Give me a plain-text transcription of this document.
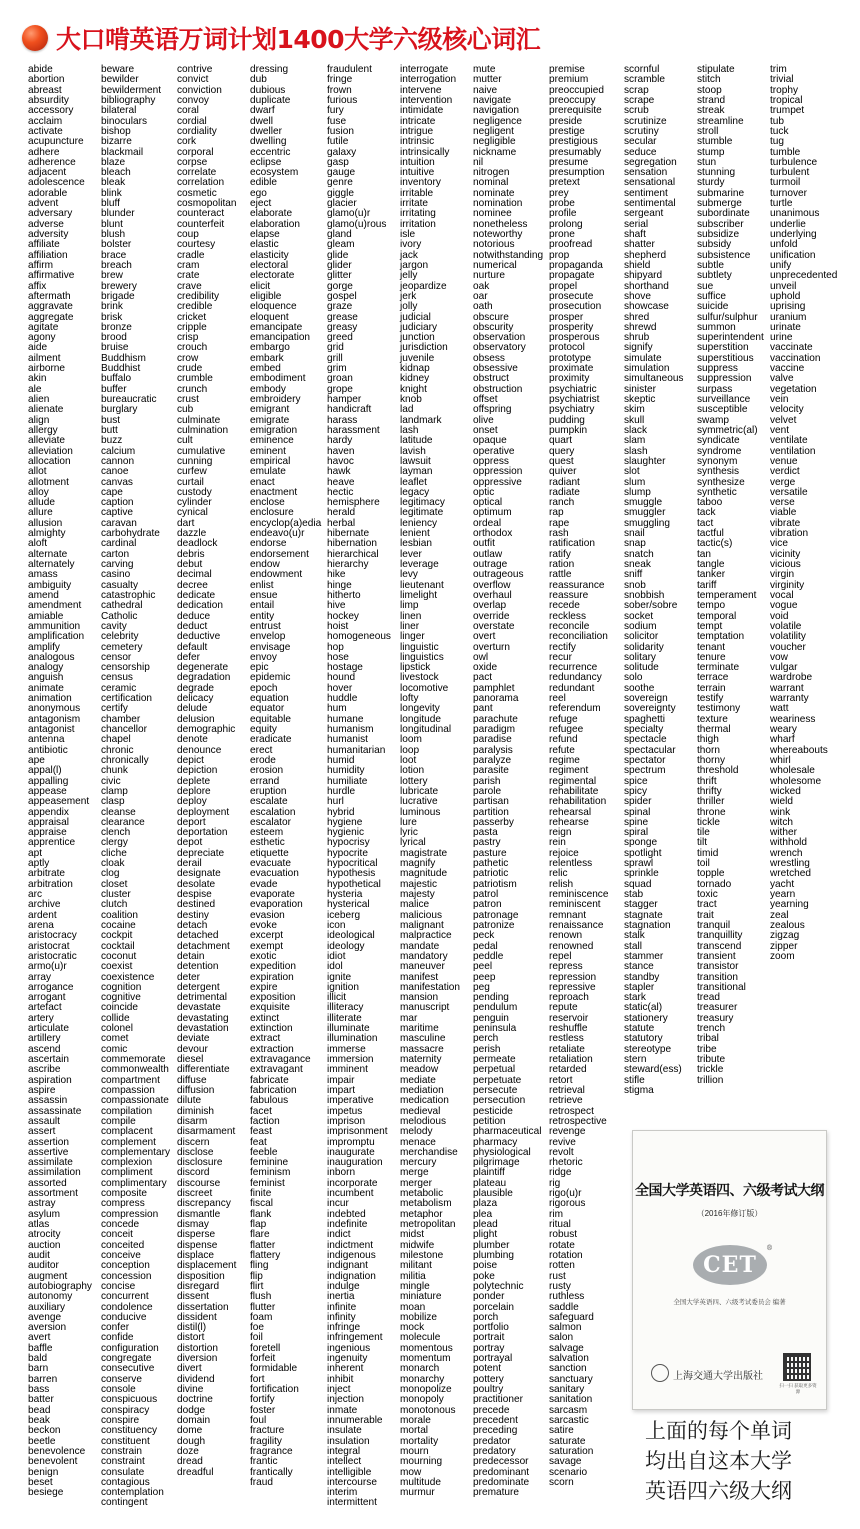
大口啃英语万词计划1400大学六级核心词汇
abide
abortion
abreast
absurdity
accessory
acclaim
activate
acupuncture
adhere
adherence
adjacent
adolescence
adorable
advent
adversary
adverse
adversity
affiliate
affiliation
affirm
affirmative
affix
aftermath
aggravate
aggregate
agitate
agony
aide
ailment
airborne
akin
ale
alien
alienate
align
allergy
alleviate
alleviation
allocation
allot
allotment
alloy
allude
allure
allusion
almighty
aloft
alternate
alternately
amass
ambiguity
amend
amendment
amiable
ammunition
amplification
amplify
analogous
analogy
anguish
animate
animation
anonymous
antagonism
antagonist
antenna
antibiotic
ape
appal(l)
appalling
appease
appeasement
appendix
appraisal
appraise
apprentice
apt
aptly
arbitrate
arbitration
arc
archive
ardent
arena
aristocracy
aristocrat
aristocratic
armo(u)r
array
arrogance
arrogant
artefact
artery
articulate
artillery
ascend
ascertain
ascribe
aspiration
aspire
assassin
assassinate
assault
assert
assertion
assertive
assimilate
assimilation
assorted
assortment
astray
asylum
atlas
atrocity
auction
audit
auditor
augment
autobiography
autonomy
auxiliary
avenge
aversion
avert
baffle
bald
barn
barren
bass
batter
bead
beak
beckon
beetle
benevolence
benevolent
benign
beset
besiege
beware
bewilder
bewilderment
bibliography
bilateral
binoculars
bishop
bizarre
blackmail
blaze
bleach
bleak
blink
bluff
blunder
blunt
blush
bolster
brace
breach
brew
brewery
brigade
brink
brisk
bronze
brood
bruise
Buddhism
Buddhist
buffalo
buffer
bureaucratic
burglary
bust
butt
buzz
calcium
cannon
canoe
canvas
cape
caption
captive
caravan
carbohydrate
cardinal
carton
carving
casino
casualty
catastrophic
cathedral
Catholic
cavity
celebrity
cemetery
censor
censorship
census
ceramic
certification
certify
chamber
chancellor
chapel
chronic
chronically
chunk
civic
clamp
clasp
cleanse
clearance
clench
clergy
cliche
cloak
clog
closet
cluster
clutch
coalition
cocaine
cockpit
cocktail
coconut
coexist
coexistence
cognition
cognitive
coincide
collide
colonel
comet
comic
commemorate
commonwealth
compartment
compassion
compassionate
compilation
compile
complacent
complement
complementary
complexion
compliment
complimentary
composite
compress
compression
concede
conceit
conceited
conceive
conception
concession
concise
concurrent
condolence
conducive
confer
confide
configuration
congregate
consecutive
conserve
console
conspicuous
conspiracy
conspire
constituency
constituent
constrain
constraint
consulate
contagious
contemplation
contingent
contrive
convict
conviction
convoy
coral
cordial
cordiality
cork
corporal
corpse
correlate
correlation
cosmetic
cosmopolitan
counteract
counterfeit
coup
courtesy
cradle
cram
crate
crave
credibility
credible
cricket
cripple
crisp
crouch
crow
crude
crumble
crunch
crust
cub
culminate
culmination
cult
cumulative
cunning
curfew
curtail
custody
cylinder
cynical
dart
dazzle
deadlock
debris
debut
decimal
decree
dedicate
dedication
deduce
deduct
deductive
default
defer
degenerate
degradation
degrade
delicacy
delude
delusion
demographic
denote
denounce
depict
depiction
deplete
deplore
deploy
deployment
deport
deportation
depot
depreciate
derail
designate
desolate
despise
destined
destiny
detach
detached
detachment
detain
detention
deter
detergent
detrimental
devastate
devastating
devastation
deviate
devour
diesel
differentiate
diffuse
diffusion
dilute
diminish
disarm
disarmament
discern
disclose
disclosure
discord
discourse
discreet
discrepancy
dismantle
dismay
disperse
dispense
displace
displacement
disposition
disregard
dissent
dissertation
dissident
distil(l)
distort
distortion
diversion
divert
dividend
divine
doctrine
dodge
domain
dome
dough
doze
dread
dreadful
dressing
dub
dubious
duplicate
dwarf
dwell
dweller
dwelling
eccentric
eclipse
ecosystem
edible
ego
eject
elaborate
elaboration
elapse
elastic
elasticity
electoral
electorate
elicit
eligible
eloquence
eloquent
emancipate
emancipation
embargo
embark
embed
embodiment
embody
embroidery
emigrant
emigrate
emigration
eminence
eminent
empirical
emulate
enact
enactment
enclose
enclosure
encyclop(a)edia
endeavo(u)r
endorse
endorsement
endow
endowment
enlist
ensue
entail
entity
entrust
envelop
envisage
envoy
epic
epidemic
epoch
equation
equator
equitable
equity
eradicate
erect
erode
erosion
errand
eruption
escalate
escalation
escalator
esteem
esthetic
etiquette
evacuate
evacuation
evade
evaporate
evaporation
evasion
evoke
excerpt
exempt
exotic
expedition
expiration
expire
exposition
exquisite
extinct
extinction
extract
extraction
extravagance
extravagant
fabricate
fabrication
fabulous
facet
faction
feast
feat
feeble
feminine
feminism
feminist
finite
fiscal
flank
flap
flare
flatter
flattery
fling
flip
flirt
flush
flutter
foam
foe
foil
foretell
forfeit
formidable
fort
fortification
fortify
foster
foul
fracture
fragility
fragrance
frantic
frantically
fraud
fraudulent
fringe
frown
furious
fury
fuse
fusion
futile
galaxy
gasp
gauge
genre
giggle
glacier
glamo(u)r
glamo(u)rous
gland
gleam
glide
glider
glitter
gorge
gospel
graze
grease
greasy
greed
grid
grill
grim
groan
grope
hamper
handicraft
harass
harassment
hardy
haven
havoc
hawk
heave
hectic
hemisphere
herald
herbal
hibernate
hibernation
hierarchical
hierarchy
hike
hinge
hitherto
hive
hockey
hoist
homogeneous
hop
hose
hostage
hound
hover
huddle
hum
humane
humanism
humanist
humanitarian
humid
humidity
humiliate
hurdle
hurl
hybrid
hygiene
hygienic
hypocrisy
hypocrite
hypocritical
hypothesis
hypothetical
hysteria
hysterical
iceberg
icon
ideological
ideology
idiot
idol
ignite
ignition
illicit
illiteracy
illiterate
illuminate
illumination
immerse
immersion
imminent
impair
impart
imperative
impetus
imprison
imprisonment
impromptu
inaugurate
inauguration
inborn
incorporate
incumbent
incur
indebted
indefinite
indict
indictment
indigenous
indignant
indignation
indulge
inertia
infinite
infinity
infringe
infringement
ingenious
ingenuity
inherent
inhibit
inject
injection
inmate
innumerable
insulate
insulation
integral
intellect
intelligible
intercourse
interim
intermittent
interrogate
interrogation
intervene
intervention
intimidate
intricate
intrigue
intrinsic
intrinsically
intuition
intuitive
inventory
irritable
irritate
irritating
irritation
isle
ivory
jack
jargon
jelly
jeopardize
jerk
jolly
judicial
judiciary
junction
jurisdiction
juvenile
kidnap
kidney
knight
knob
lad
landmark
lash
latitude
lavish
lawsuit
layman
leaflet
legacy
legitimacy
legitimate
leniency
lenient
lesbian
lever
leverage
levy
lieutenant
limelight
limp
linen
liner
linger
linguistic
linguistics
lipstick
livestock
locomotive
lofty
longevity
longitude
longitudinal
loom
loop
loot
lotion
lottery
lubricate
lucrative
luminous
lure
lyric
lyrical
magistrate
magnify
magnitude
majestic
majesty
malice
malicious
malignant
malpractice
mandate
mandatory
maneuver
manifest
manifestation
mansion
manuscript
mar
maritime
masculine
massacre
maternity
meadow
mediate
mediation
medication
medieval
melodious
melody
menace
merchandise
mercury
merge
merger
metabolic
metabolism
metaphor
metropolitan
midst
midwife
milestone
militant
militia
mingle
miniature
moan
mobilize
mock
molecule
momentous
momentum
monarch
monarchy
monopolize
monopoly
monotonous
morale
mortal
mortality
mourn
mourning
mow
multitude
murmur
mute
mutter
naive
navigate
navigation
negligence
negligent
negligible
nickname
nil
nitrogen
nominal
nominate
nomination
nominee
nonetheless
noteworthy
notorious
notwithstanding
numerical
nurture
oak
oar
oath
obscure
obscurity
observation
observatory
obsess
obsessive
obstruct
obstruction
offset
offspring
olive
onset
opaque
operative
oppress
oppression
oppressive
optic
optical
optimum
ordeal
orthodox
outfit
outlaw
outrage
outrageous
overflow
overhaul
overlap
override
overstate
overt
overturn
owl
oxide
pact
pamphlet
panorama
pant
parachute
paradigm
paradise
paralysis
paralyze
parasite
parish
parole
partisan
partition
passerby
pasta
pastry
pasture
pathetic
patriotic
patriotism
patrol
patron
patronage
patronize
peck
pedal
peddle
peel
peep
peg
pending
pendulum
penguin
peninsula
perch
perish
permeate
perpetual
perpetuate
persecute
persecution
pesticide
petition
pharmaceutical
pharmacy
physiological
pilgrimage
plaintiff
plateau
plausible
plaza
plea
plead
plight
plumber
plumbing
poise
poke
polytechnic
ponder
porcelain
porch
portfolio
portrait
portray
portrayal
potent
pottery
poultry
practitioner
precede
precedent
preceding
predator
predatory
predecessor
predominant
predominate
premature
premise
premium
preoccupied
preoccupy
prerequisite
preside
prestige
prestigious
presumably
presume
presumption
pretext
prey
probe
profile
prolong
prone
proofread
prop
propaganda
propagate
propel
prosecute
prosecution
prosper
prosperity
prosperous
protocol
prototype
proximate
proximity
psychiatric
psychiatrist
psychiatry
pudding
pumpkin
quart
query
quest
quiver
radiant
radiate
ranch
rap
rape
rash
ratification
ratify
ration
rattle
reassurance
reassure
recede
reckless
reconcile
reconciliation
rectify
recur
recurrence
redundancy
redundant
reel
referendum
refuge
refugee
refund
refute
regime
regiment
regimental
rehabilitate
rehabilitation
rehearsal
rehearse
reign
rein
rejoice
relentless
relic
relish
reminiscence
reminiscent
remnant
renaissance
renown
renowned
repel
repress
repression
repressive
reproach
repute
reservoir
reshuffle
restless
retaliate
retaliation
retarded
retort
retrieval
retrieve
retrospect
retrospective
revenge
revive
revolt
rhetoric
ridge
rig
rigo(u)r
rigorous
rim
ritual
robust
rotate
rotation
rotten
rust
rusty
ruthless
saddle
safeguard
salmon
salon
salvage
salvation
sanction
sanctuary
sanitary
sanitation
sarcasm
sarcastic
satire
saturate
saturation
savage
scenario
scorn
scornful
scramble
scrap
scrape
scrub
scrutinize
scrutiny
secular
seduce
segregation
sensation
sensational
sentiment
sentimental
sergeant
serial
shaft
shatter
shepherd
shield
shipyard
shorthand
shove
showcase
shred
shrewd
shrub
signify
simulate
simulation
simultaneous
sinister
skeptic
skim
skull
slack
slam
slash
slaughter
slot
slum
slump
smuggle
smuggler
smuggling
snail
snap
snatch
sneak
sniff
snob
snobbish
sober/sobre
socket
sodium
solicitor
solidarity
solitary
solitude
solo
soothe
sovereign
sovereignty
spaghetti
specialty
spectacle
spectacular
spectator
spectrum
spice
spicy
spider
spinal
spine
spiral
sponge
spotlight
sprawl
sprinkle
squad
stab
stagger
stagnate
stagnation
stalk
stall
stammer
stance
standby
stapler
stark
static(al)
stationery
statute
statutory
stereotype
stern
steward(ess)
stifle
stigma
stipulate
stitch
stoop
strand
streak
streamline
stroll
stumble
stump
stun
stunning
sturdy
submarine
submerge
subordinate
subscriber
subsidize
subsidy
subsistence
subtle
subtlety
sue
suffice
suicide
sulfur/sulphur
summon
superintendent
superstition
superstitious
suppress
suppression
surpass
surveillance
susceptible
swamp
symmetric(al)
syndicate
syndrome
synonym
synthesis
synthesize
synthetic
taboo
tack
tact
tactful
tactic(s)
tan
tangle
tanker
tariff
temperament
tempo
temporal
tempt
temptation
tenant
tenure
terminate
terrace
terrain
testify
testimony
texture
thermal
thigh
thorn
thorny
threshold
thrift
thrifty
thriller
throne
tickle
tile
tilt
timid
toil
topple
tornado
toxic
tract
trait
tranquil
tranquillity
transcend
transient
transistor
transition
transitional
tread
treasurer
treasury
trench
tribal
tribe
tribute
trickle
trillion
trim
trivial
trophy
tropical
trumpet
tub
tuck
tug
tumble
turbulence
turbulent
turmoil
turnover
turtle
unanimous
underlie
underlying
unfold
unification
unify
unprecedented
unveil
uphold
uprising
uranium
urinate
urine
vaccinate
vaccination
vaccine
valve
vegetation
vein
velocity
velvet
vent
ventilate
ventilation
venue
verdict
verge
versatile
verse
viable
vibrate
vibration
vice
vicinity
vicious
virgin
virginity
vocal
vogue
void
volatile
volatility
voucher
vow
vulgar
wardrobe
warrant
warranty
watt
weariness
weary
wharf
whereabouts
whirl
wholesale
wholesome
wicked
wield
wink
witch
wither
withhold
wrench
wrestling
wretched
yacht
yearn
yearning
zeal
zealous
zigzag
zipper
zoom
全国大学英语四、六级考试大纲
（2016年修订版）
CET
®
全国大学英语四、六级考试委员会 编著
上海交通大学出版社
扫一扫 获取更多资源
上面的每个单词
均出自这本大学
英语四六级大纲
